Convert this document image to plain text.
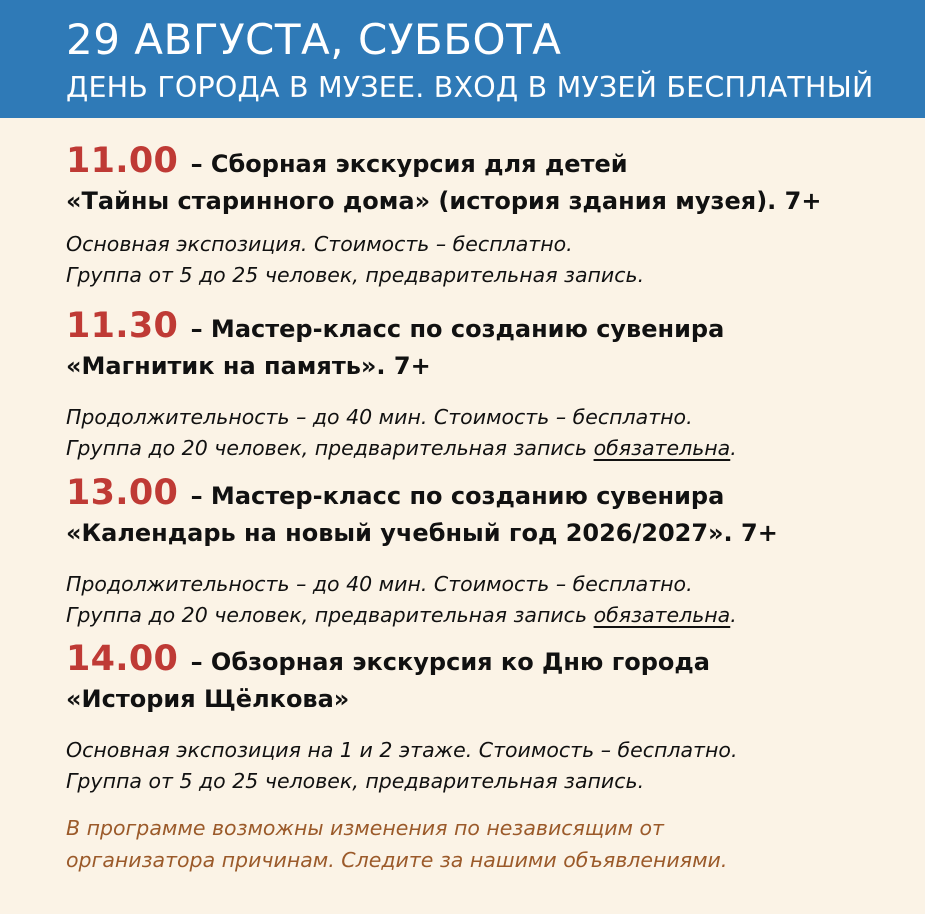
29 АВГУСТА, СУББОТА
ДЕНЬ ГОРОДА В МУЗЕЕ. ВХОД В МУЗЕЙ БЕСПЛАТНЫЙ
11.00 – Сборная экскурсия для детей
«Тайны старинного дома» (история здания музея). 7+
Основная экспозиция. Стоимость – бесплатно.
Группа от 5 до 25 человек, предварительная запись.
11.30 – Мастер-класс по созданию сувенира
«Магнитик на память». 7+
Продолжительность – до 40 мин. Стоимость – бесплатно.
Группа до 20 человек, предварительная запись обязательна.
13.00 – Мастер-класс по созданию сувенира
«Календарь на новый учебный год 2026/2027». 7+
Продолжительность – до 40 мин. Стоимость – бесплатно.
Группа до 20 человек, предварительная запись обязательна.
14.00 – Обзорная экскурсия ко Дню города
«История Щёлкова»
Основная экспозиция на 1 и 2 этаже. Стоимость – бесплатно.
Группа от 5 до 25 человек, предварительная запись.
В программе возможны изменения по независящим от
организатора причинам. Следите за нашими объявлениями.
